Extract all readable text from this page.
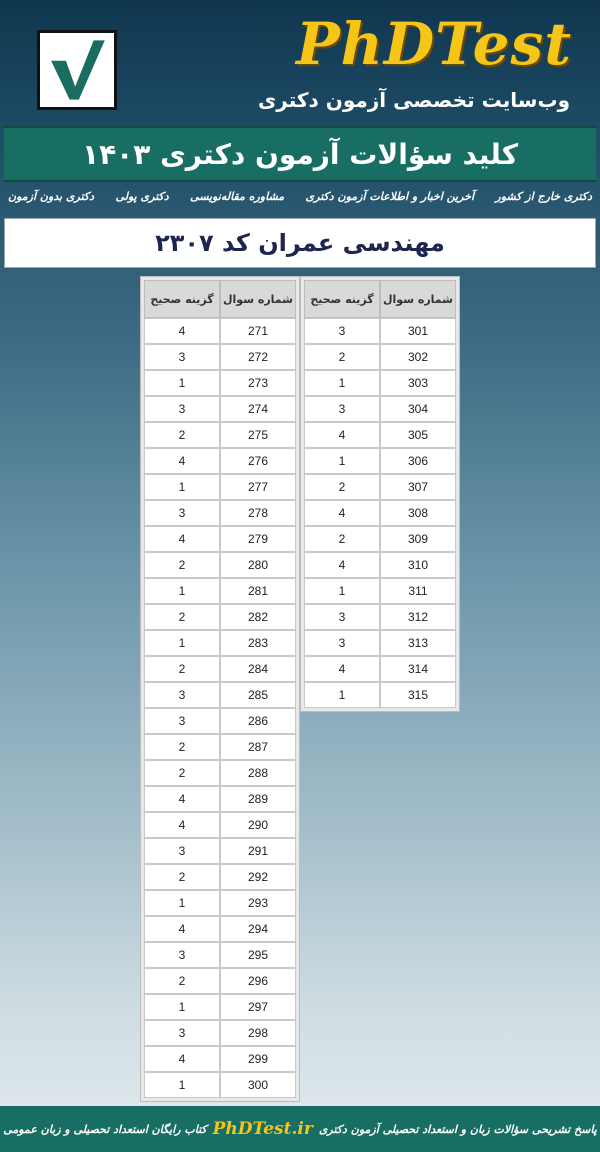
PhDTest
وب‌سایت تخصصی آزمون دکتری
کلید سؤالات آزمون دکتری ۱۴۰۳
دکتری بدون آزمون دکتری پولی مشاوره مقاله‌نویسی آخرین اخبار و اطلاعات آزمون دکتری دکتری خارج از کشور
مهندسی عمران کد ۲۳۰۷
گزینه صحیح	شماره سوال
4	271
3	272
1	273
3	274
2	275
4	276
1	277
3	278
4	279
2	280
1	281
2	282
1	283
2	284
3	285
3	286
2	287
2	288
4	289
4	290
3	291
2	292
1	293
4	294
3	295
2	296
1	297
3	298
4	299
1	300
گزینه صحیح	شماره سوال
3	301
2	302
1	303
3	304
4	305
1	306
2	307
4	308
2	309
4	310
1	311
3	312
3	313
4	314
1	315
پاسخ تشریحی سؤالات زبان و استعداد تحصیلی آزمون دکتری
PhDTest.ir
کتاب رایگان استعداد تحصیلی و زبان عمومی
